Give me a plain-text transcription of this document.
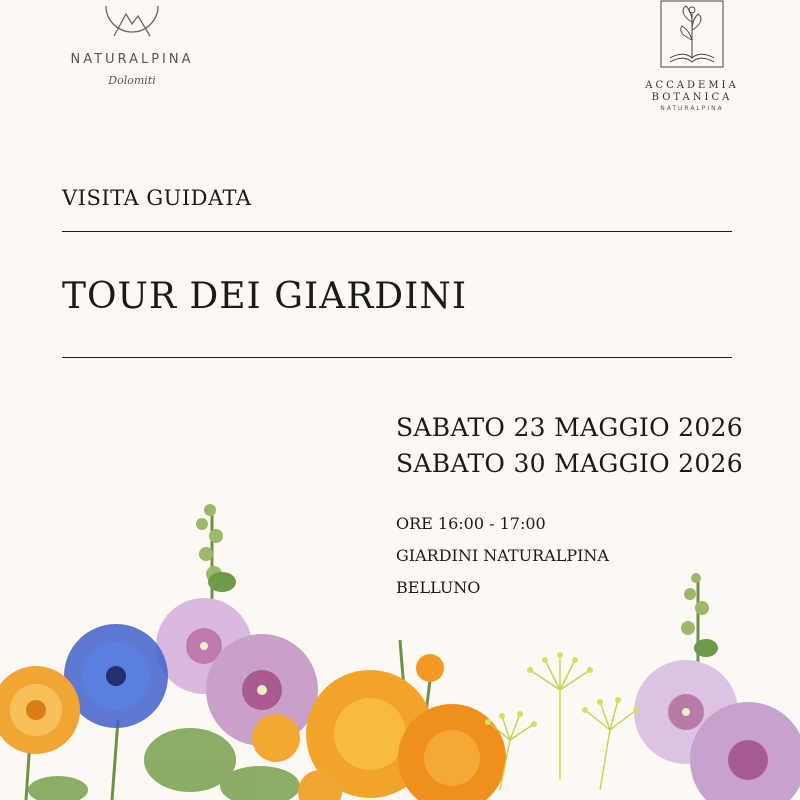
NATURALPINA
Dolomiti	ACCADEMIA
BOTANICA
NATURALPINA
VISITA GUIDATA
TOUR DEI GIARDINI
SABATO 23 MAGGIO 2026
SABATO 30 MAGGIO 2026
ORE 16:00 - 17:00
GIARDINI NATURALPINA
BELLUNO
